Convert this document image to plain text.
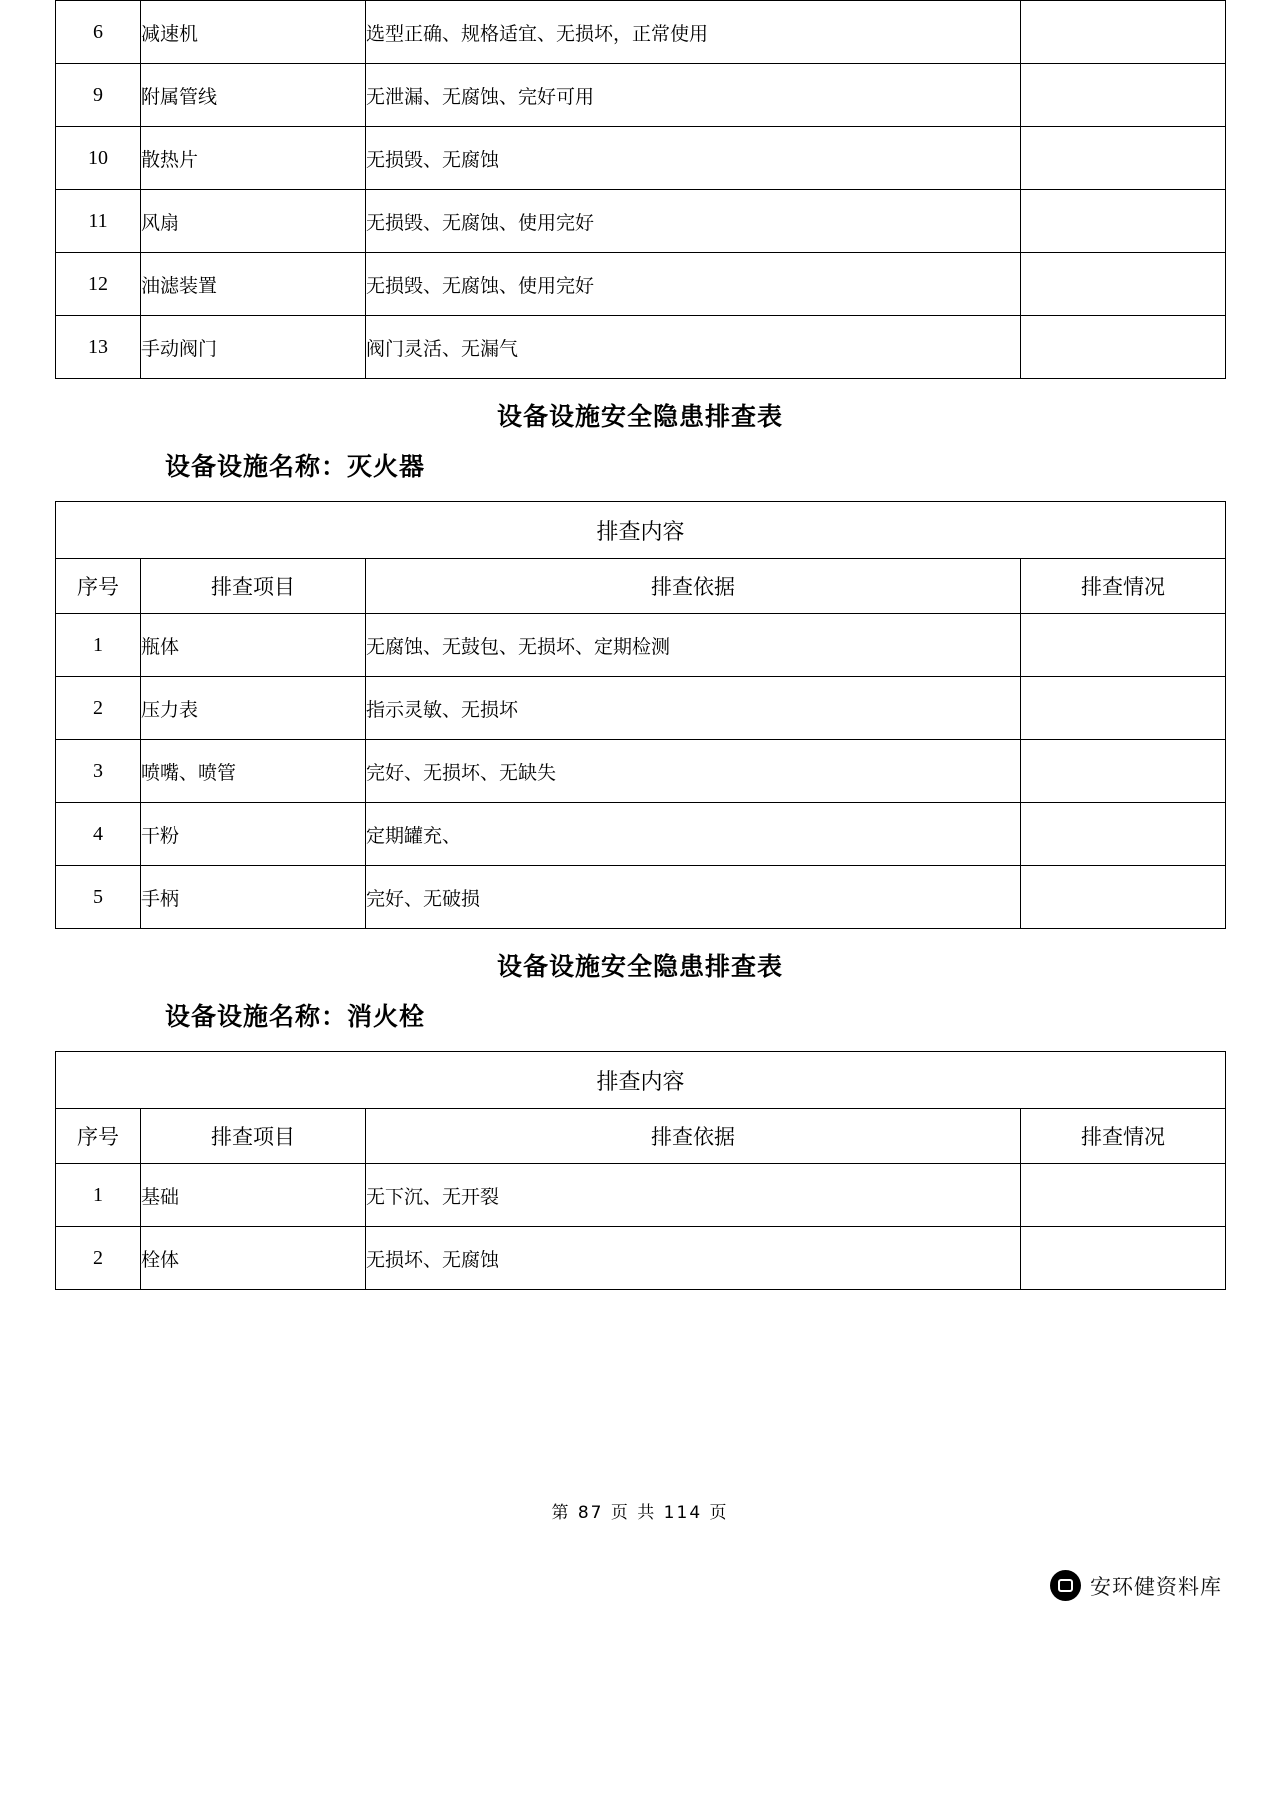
6	减速机	选型正确、规格适宜、无损坏，正常使用	
9	附属管线	无泄漏、无腐蚀、完好可用	
10	散热片	无损毁、无腐蚀	
11	风扇	无损毁、无腐蚀、使用完好	
12	油滤装置	无损毁、无腐蚀、使用完好	
13	手动阀门	阀门灵活、无漏气	
设备设施安全隐患排查表
设备设施名称：灭火器
排查内容			
序号	排查项目	排查依据	排查情况
1	瓶体	无腐蚀、无鼓包、无损坏、定期检测	
2	压力表	指示灵敏、无损坏	
3	喷嘴、喷管	完好、无损坏、无缺失	
4	干粉	定期罐充、	
5	手柄	完好、无破损	
设备设施安全隐患排查表
设备设施名称：消火栓
排查内容			
序号	排查项目	排查依据	排查情况
1	基础	无下沉、无开裂	
2	栓体	无损坏、无腐蚀	
第 87 页 共 114 页
安环健资料库
